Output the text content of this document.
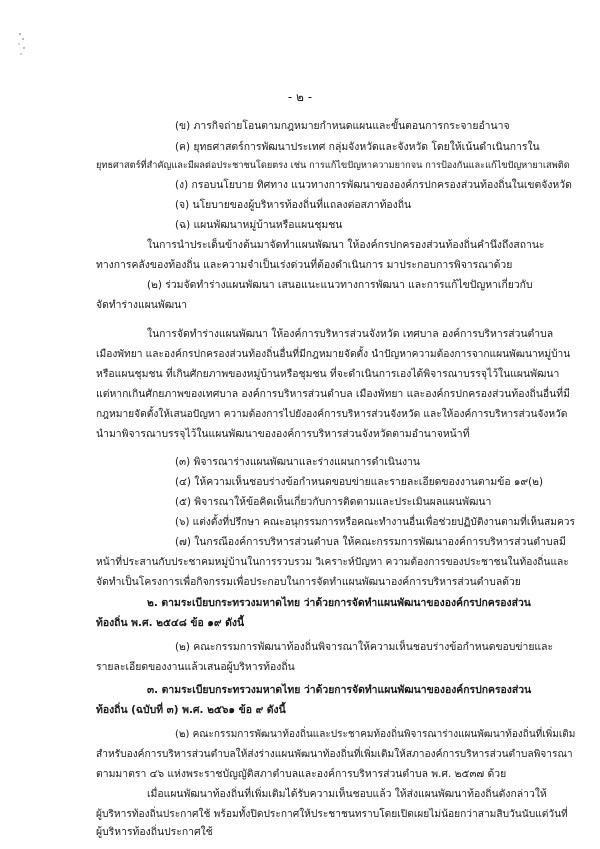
- ๒ -
(ข) ภารกิจถ่ายโอนตามกฎหมายกำหนดแผนและขั้นตอนการกระจายอำนาจ
(ค) ยุทธศาสตร์การพัฒนาประเทศ กลุ่มจังหวัดและจังหวัด โดยให้เน้นดำเนินการใน
ยุทธศาสตร์ที่สำคัญและมีผลต่อประชาชนโดยตรง เช่น การแก้ไขปัญหาความยากจน การป้องกันและแก้ไขปัญหายาเสพติด
(ง) กรอบนโยบาย ทิศทาง แนวทางการพัฒนาขององค์กรปกครองส่วนท้องถิ่นในเขตจังหวัด
(จ) นโยบายของผู้บริหารท้องถิ่นที่แถลงต่อสภาท้องถิ่น
(ฉ) แผนพัฒนาหมู่บ้านหรือแผนชุมชน
ในการนำประเด็นข้างต้นมาจัดทำแผนพัฒนา ให้องค์กรปกครองส่วนท้องถิ่นคำนึงถึงสถานะ
ทางการคลังของท้องถิ่น และความจำเป็นเร่งด่วนที่ต้องดำเนินการ มาประกอบการพิจารณาด้วย
(๒) ร่วมจัดทำร่างแผนพัฒนา เสนอแนะแนวทางการพัฒนา และการแก้ไขปัญหาเกี่ยวกับ
จัดทำร่างแผนพัฒนา
ในการจัดทำร่างแผนพัฒนา ให้องค์การบริหารส่วนจังหวัด เทศบาล องค์การบริหารส่วนตำบล
เมืองพัทยา และองค์กรปกครองส่วนท้องถิ่นอื่นที่มีกฎหมายจัดตั้ง นำปัญหาความต้องการจากแผนพัฒนาหมู่บ้าน
หรือแผนชุมชน ที่เกินศักยภาพของหมู่บ้านหรือชุมชน ที่จะดำเนินการเองได้พิจารณาบรรจุไว้ในแผนพัฒนา
แต่หากเกินศักยภาพของเทศบาล องค์การบริหารส่วนตำบล เมืองพัทยา และองค์กรปกครองส่วนท้องถิ่นอื่นที่มี
กฎหมายจัดตั้งให้เสนอปัญหา ความต้องการไปยังองค์การบริหารส่วนจังหวัด และให้องค์การบริหารส่วนจังหวัด
นำมาพิจารณาบรรจุไว้ในแผนพัฒนาขององค์การบริหารส่วนจังหวัดตามอำนาจหน้าที่
(๓) พิจารณาร่างแผนพัฒนาและร่างแผนการดำเนินงาน
(๔) ให้ความเห็นชอบร่างข้อกำหนดขอบข่ายและรายละเอียดของงานตามข้อ ๑๙(๒)
(๕) พิจารณาให้ข้อคิดเห็นเกี่ยวกับการติดตามและประเมินผลแผนพัฒนา
(๖) แต่งตั้งที่ปรึกษา คณะอนุกรรมการหรือคณะทำงานอื่นเพื่อช่วยปฏิบัติงานตามที่เห็นสมควร
(๗) ในกรณีองค์การบริหารส่วนตำบล ให้คณะกรรมการพัฒนาองค์การบริหารส่วนตำบลมี
หน้าที่ประสานกับประชาคมหมู่บ้านในการรวบรวม วิเคราะห์ปัญหา ความต้องการของประชาชนในท้องถิ่นและ
จัดทำเป็นโครงการเพื่อกิจกรรมเพื่อประกอบในการจัดทำแผนพัฒนาองค์การบริหารส่วนตำบลด้วย
๒. ตามระเบียบกระทรวงมหาดไทย ว่าด้วยการจัดทำแผนพัฒนาขององค์กรปกครองส่วน
ท้องถิ่น พ.ศ. ๒๕๔๘ ข้อ ๑๙ ดังนี้
(๒) คณะกรรมการพัฒนาท้องถิ่นพิจารณาให้ความเห็นชอบร่างข้อกำหนดขอบข่ายและ
รายละเอียดของงานแล้วเสนอผู้บริหารท้องถิ่น
๓. ตามระเบียบกระทรวงมหาดไทย ว่าด้วยการจัดทำแผนพัฒนาขององค์กรปกครองส่วน
ท้องถิ่น (ฉบับที่ ๓) พ.ศ. ๒๕๖๑ ข้อ ๙ ดังนี้
(๒) คณะกรรมการพัฒนาท้องถิ่นและประชาคมท้องถิ่นพิจารณาร่างแผนพัฒนาท้องถิ่นที่เพิ่มเติม
สำหรับองค์การบริหารส่วนตำบลให้ส่งร่างแผนพัฒนาท้องถิ่นที่เพิ่มเติมให้สภาองค์การบริหารส่วนตำบลพิจารณา
ตามมาตรา ๔๖ แห่งพระราชบัญญัติสภาตำบลและองค์การบริหารส่วนตำบล พ.ศ. ๒๕๓๗ ด้วย
เมื่อแผนพัฒนาท้องถิ่นที่เพิ่มเติมได้รับความเห็นชอบแล้ว ให้ส่งแผนพัฒนาท้องถิ่นดังกล่าวให้
ผู้บริหารท้องถิ่นประกาศใช้ พร้อมทั้งปิดประกาศให้ประชาชนทราบโดยเปิดเผยไม่น้อยกว่าสามสิบวันนับแต่วันที่
ผู้บริหารท้องถิ่นประกาศใช้
